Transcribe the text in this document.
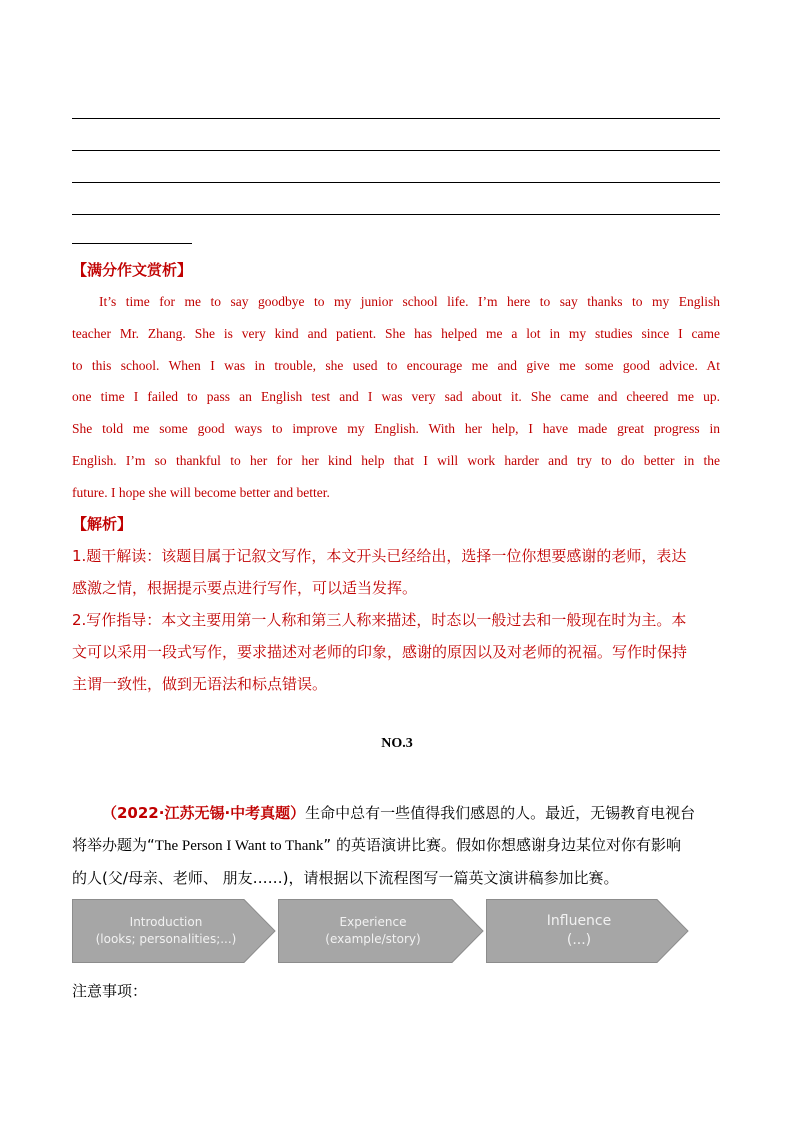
【满分作文赏析】
It’s time for me to say goodbye to my junior school life. I’m here to say thanks to my English
teacher Mr. Zhang. She is very kind and patient. She has helped me a lot in my studies since I came
to this school. When I was in trouble, she used to encourage me and give me some good advice. At
one time I failed to pass an English test and I was very sad about it. She came and cheered me up.
She told me some good ways to improve my English. With her help, I have made great progress in
English. I’m so thankful to her for her kind help that I will work harder and try to do better in the
future. I hope she will become better and better.
【解析】
1.题干解读：该题目属于记叙文写作，本文开头已经给出，选择一位你想要感谢的老师，表达
感激之情，根据提示要点进行写作，可以适当发挥。
2.写作指导：本文主要用第一人称和第三人称来描述，时态以一般过去和一般现在时为主。本
文可以采用一段式写作，要求描述对老师的印象，感谢的原因以及对老师的祝福。写作时保持
主谓一致性，做到无语法和标点错误。
NO.3
（2022·江苏无锡·中考真题）生命中总有一些值得我们感恩的人。最近，无锡教育电视台
将举办题为“The Person I Want to Thank” 的英语演讲比赛。假如你想感谢身边某位对你有影响
的人(父/母亲、老师、 朋友……)，请根据以下流程图写一篇英文演讲稿参加比赛。
Introduction
(looks; personalities;...)
Experience
(example/story)
Influence
(...)
注意事项：
